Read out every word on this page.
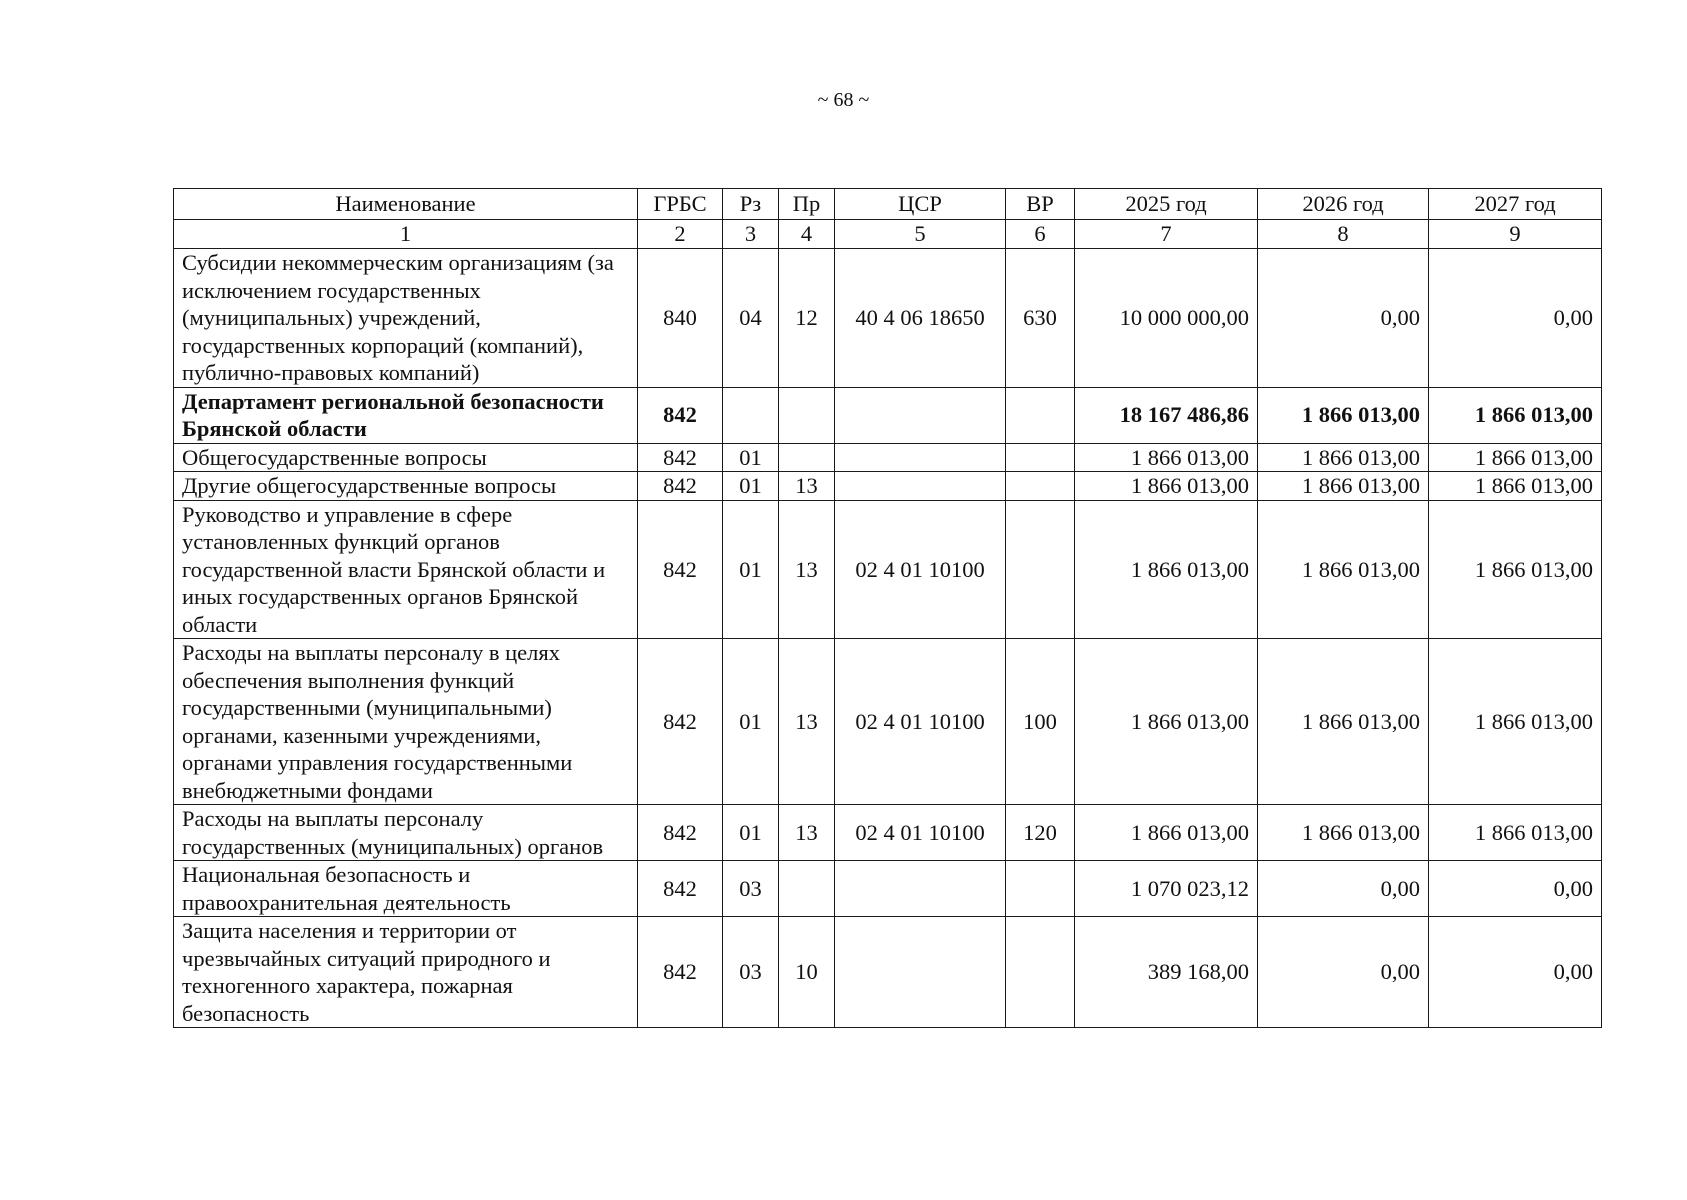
~ 68 ~
Наименование	ГРБС	Рз	Пр	ЦСР	ВР	2025 год	2026 год	2027 год
1	2	3	4	5	6	7	8	9
Субсидии некоммерческим организациям (за исключением государственных (муниципальных) учреждений, государственных корпораций (компаний), публично-правовых компаний)	840	04	12	40 4 06 18650	630	10 000 000,00	0,00	0,00
Департамент региональной безопасности Брянской области	842					18 167 486,86	1 866 013,00	1 866 013,00
Общегосударственные вопросы	842	01				1 866 013,00	1 866 013,00	1 866 013,00
Другие общегосударственные вопросы	842	01	13			1 866 013,00	1 866 013,00	1 866 013,00
Руководство и управление в сфере установленных функций органов государственной власти Брянской области и иных государственных органов Брянской области	842	01	13	02 4 01 10100		1 866 013,00	1 866 013,00	1 866 013,00
Расходы на выплаты персоналу в целях обеспечения выполнения функций государственными (муниципальными) органами, казенными учреждениями, органами управления государственными внебюджетными фондами	842	01	13	02 4 01 10100	100	1 866 013,00	1 866 013,00	1 866 013,00
Расходы на выплаты персоналу государственных (муниципальных) органов	842	01	13	02 4 01 10100	120	1 866 013,00	1 866 013,00	1 866 013,00
Национальная безопасность и правоохранительная деятельность	842	03				1 070 023,12	0,00	0,00
Защита населения и территории от чрезвычайных ситуаций природного и техногенного характера, пожарная безопасность	842	03	10			389 168,00	0,00	0,00
